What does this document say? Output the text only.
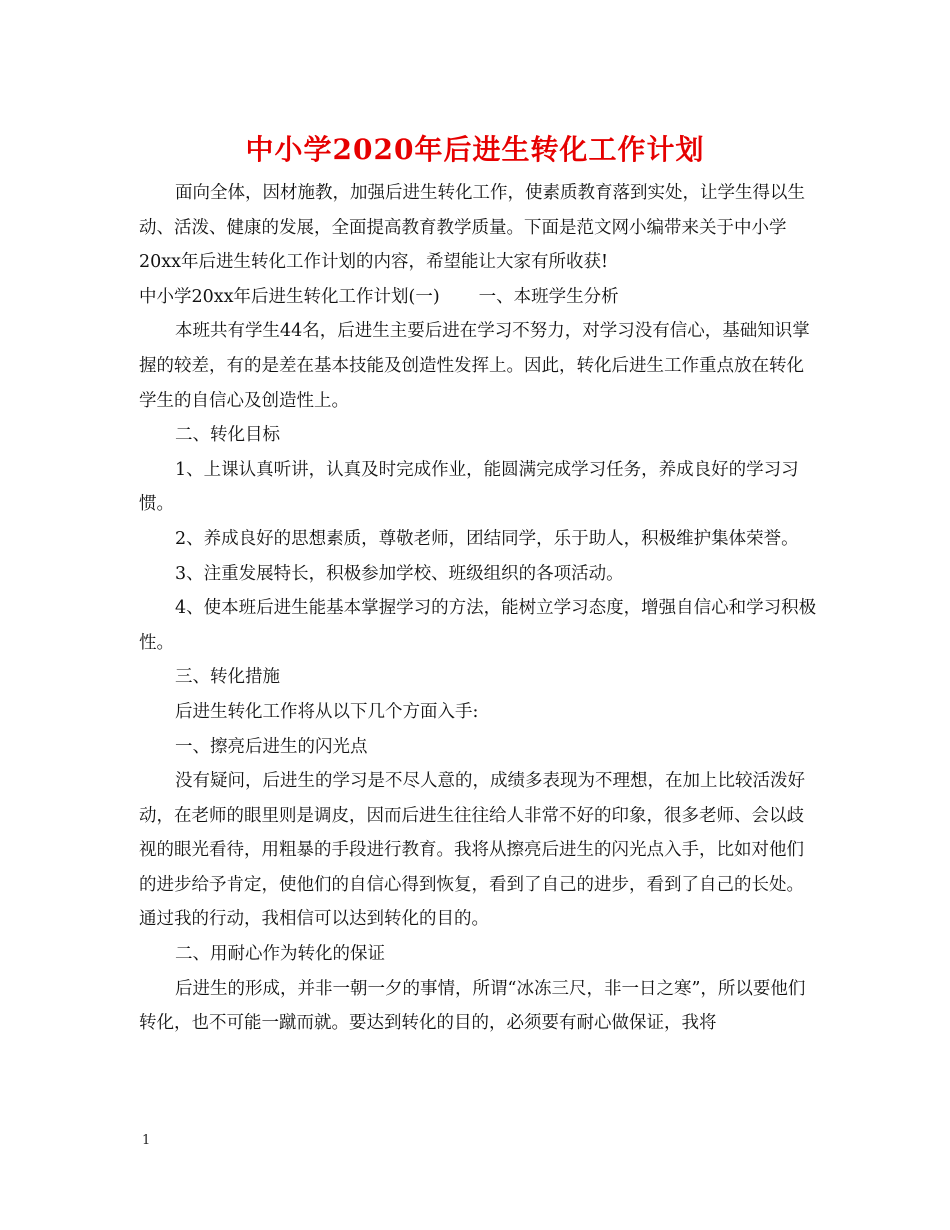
中小学2020年后进生转化工作计划

面向全体，因材施教，加强后进生转化工作，使素质教育落到实处，让学生得以生动、活泼、健康的发展，全面提高教育教学质量。下面是范文网小编带来关于中小学20xx年后进生转化工作计划的内容，希望能让大家有所收获!

中小学20xx年后进生转化工作计划(一)       一、本班学生分析

本班共有学生44名，后进生主要后进在学习不努力，对学习没有信心，基础知识掌握的较差，有的是差在基本技能及创造性发挥上。因此，转化后进生工作重点放在转化学生的自信心及创造性上。

二、转化目标

1、上课认真听讲，认真及时完成作业，能圆满完成学习任务，养成良好的学习习惯。

2、养成良好的思想素质，尊敬老师，团结同学，乐于助人，积极维护集体荣誉。

3、注重发展特长，积极参加学校、班级组织的各项活动。

4、使本班后进生能基本掌握学习的方法，能树立学习态度，增强自信心和学习积极性。

三、转化措施

后进生转化工作将从以下几个方面入手:

一、擦亮后进生的闪光点

没有疑问，后进生的学习是不尽人意的，成绩多表现为不理想，在加上比较活泼好动，在老师的眼里则是调皮，因而后进生往往给人非常不好的印象，很多老师、会以歧视的眼光看待，用粗暴的手段进行教育。我将从擦亮后进生的闪光点入手，比如对他们的进步给予肯定，使他们的自信心得到恢复，看到了自己的进步，看到了自己的长处。通过我的行动，我相信可以达到转化的目的。

二、用耐心作为转化的保证

后进生的形成，并非一朝一夕的事情，所谓“冰冻三尺，非一日之寒”，所以要他们转化，也不可能一蹴而就。要达到转化的目的，必须要有耐心做保证，我将

1
